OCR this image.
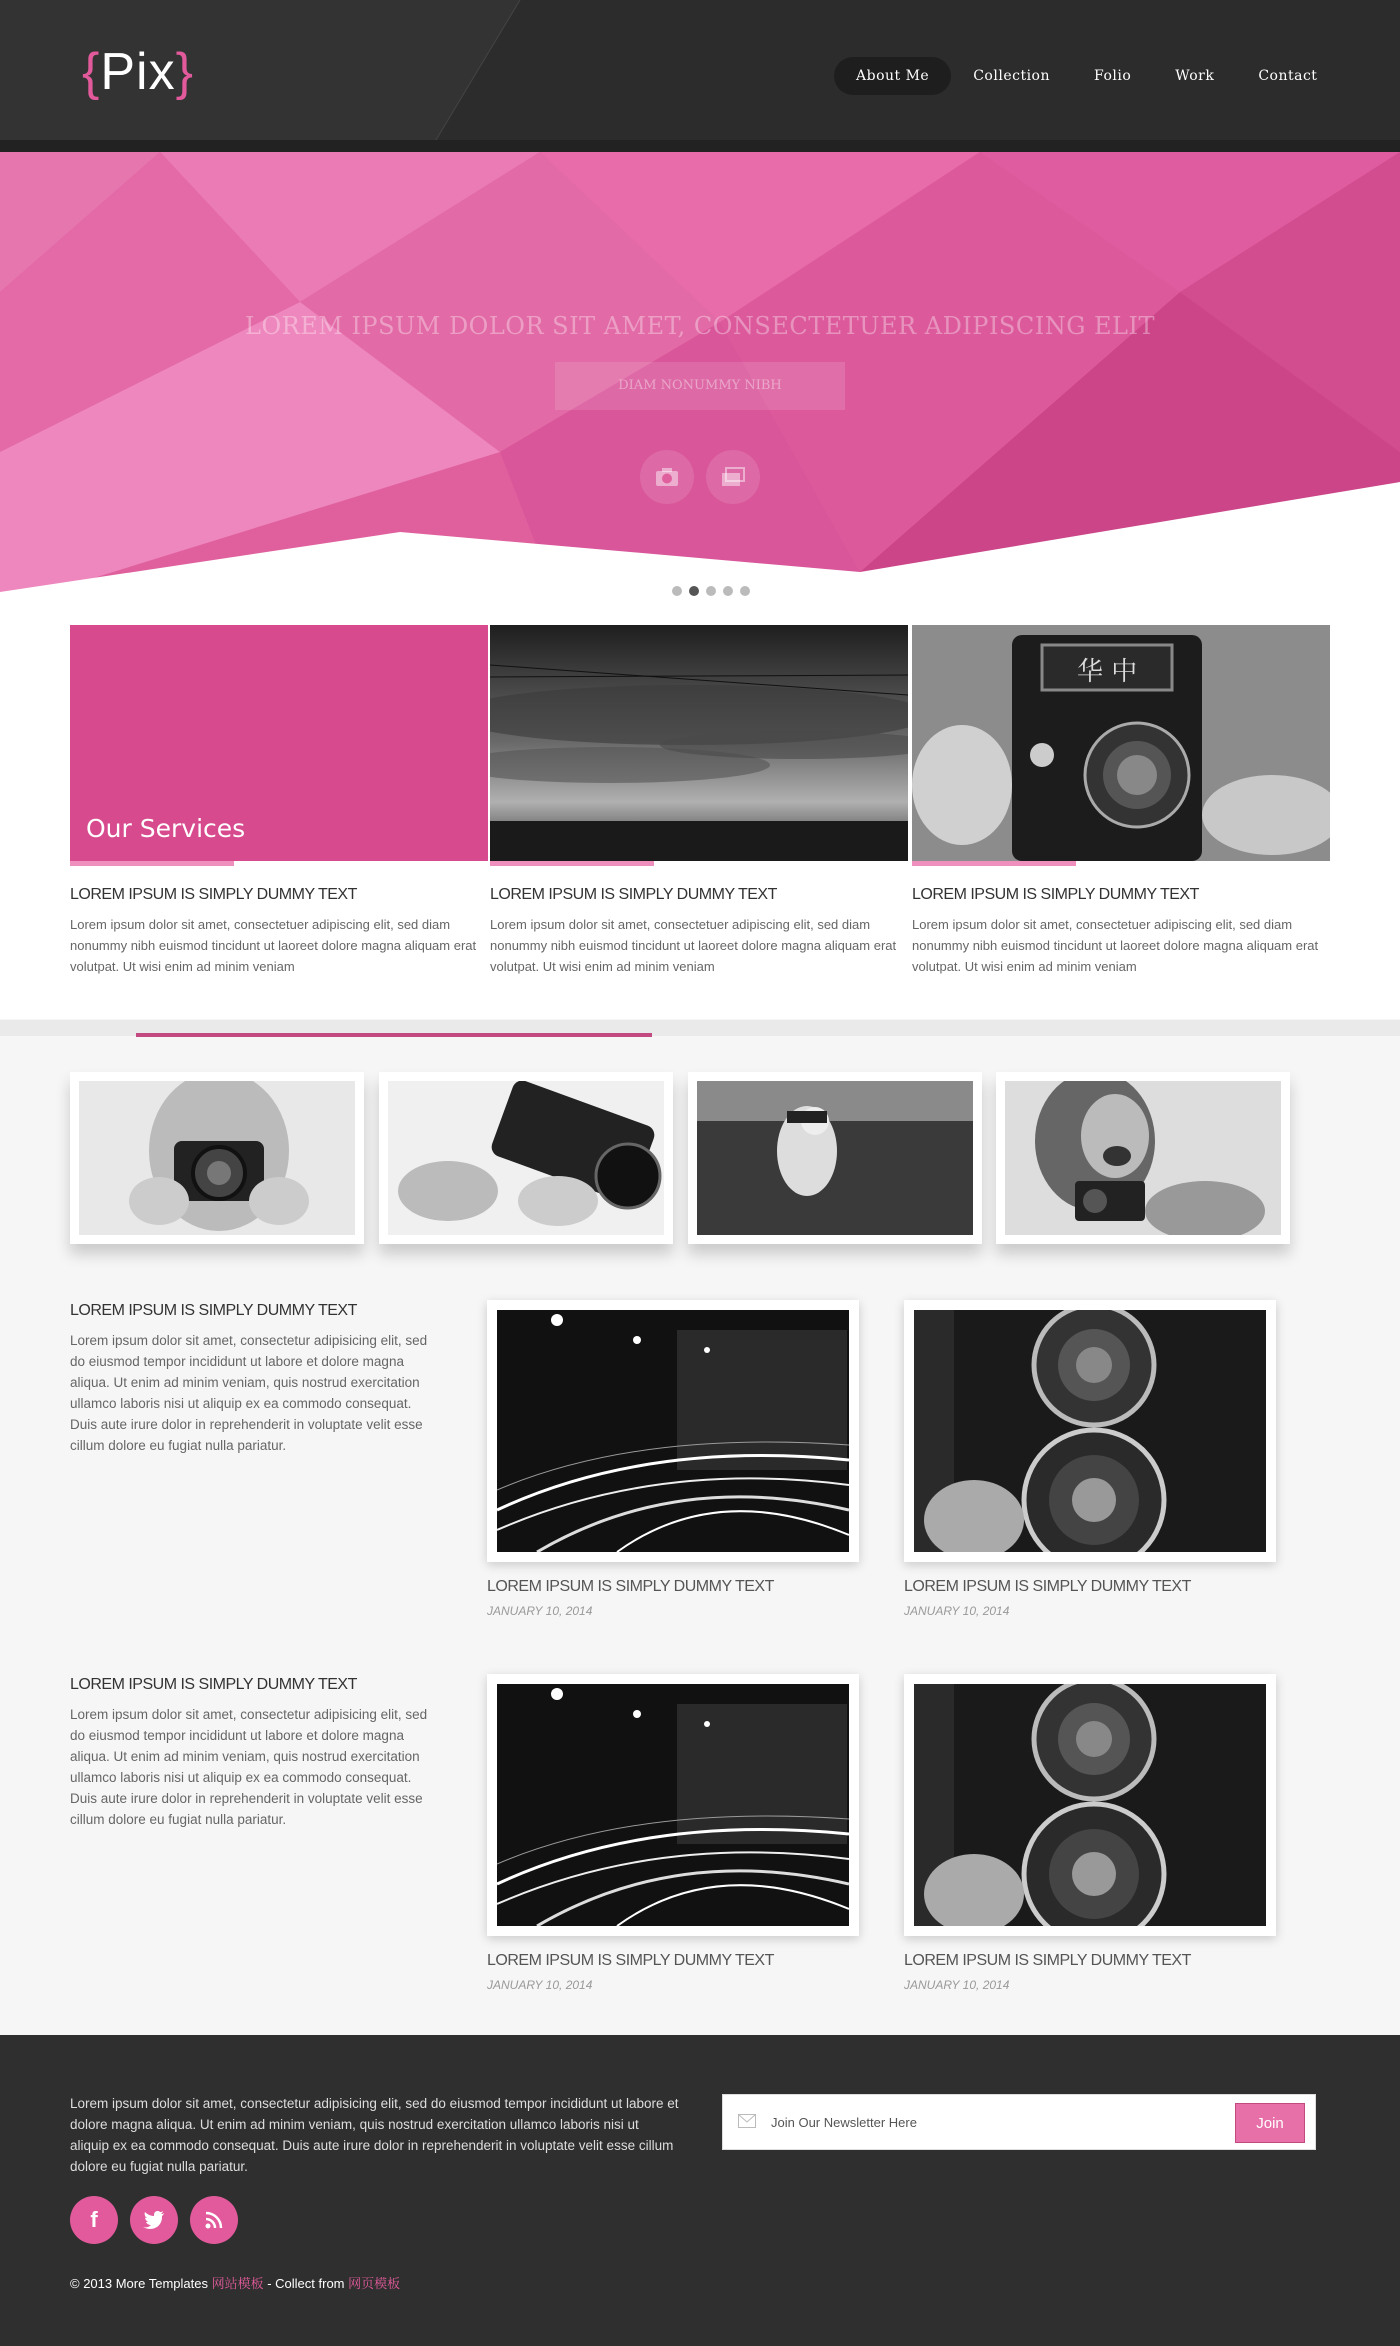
{Pix}	About Me	Collection	Folio	Work	Contact
LOREM IPSUM DOLOR SIT AMET, CONSECTETUER ADIPISCING ELIT
DIAM NONUMMY NIBH
Our Services
LOREM IPSUM IS SIMPLY DUMMY TEXT
Lorem ipsum dolor sit amet, consectetuer adipiscing elit, sed diam nonummy nibh euismod tincidunt ut laoreet dolore magna aliquam erat volutpat. Ut wisi enim ad minim veniam
LOREM IPSUM IS SIMPLY DUMMY TEXT
Lorem ipsum dolor sit amet, consectetuer adipiscing elit, sed diam nonummy nibh euismod tincidunt ut laoreet dolore magna aliquam erat volutpat. Ut wisi enim ad minim veniam
华 中
LOREM IPSUM IS SIMPLY DUMMY TEXT
Lorem ipsum dolor sit amet, consectetuer adipiscing elit, sed diam nonummy nibh euismod tincidunt ut laoreet dolore magna aliquam erat volutpat. Ut wisi enim ad minim veniam
LOREM IPSUM IS SIMPLY DUMMY TEXT
Lorem ipsum dolor sit amet, consectetur adipisicing elit, sed do eiusmod tempor incididunt ut labore et dolore magna aliqua. Ut enim ad minim veniam, quis nostrud exercitation ullamco laboris nisi ut aliquip ex ea commodo consequat. Duis aute irure dolor in reprehenderit in voluptate velit esse cillum dolore eu fugiat nulla pariatur.
LOREM IPSUM IS SIMPLY DUMMY TEXT
JANUARY 10, 2014
LOREM IPSUM IS SIMPLY DUMMY TEXT
JANUARY 10, 2014
LOREM IPSUM IS SIMPLY DUMMY TEXT
Lorem ipsum dolor sit amet, consectetur adipisicing elit, sed do eiusmod tempor incididunt ut labore et dolore magna aliqua. Ut enim ad minim veniam, quis nostrud exercitation ullamco laboris nisi ut aliquip ex ea commodo consequat. Duis aute irure dolor in reprehenderit in voluptate velit esse cillum dolore eu fugiat nulla pariatur.
LOREM IPSUM IS SIMPLY DUMMY TEXT
JANUARY 10, 2014
LOREM IPSUM IS SIMPLY DUMMY TEXT
JANUARY 10, 2014
Lorem ipsum dolor sit amet, consectetur adipisicing elit, sed do eiusmod tempor incididunt ut labore et dolore magna aliqua. Ut enim ad minim veniam, quis nostrud exercitation ullamco laboris nisi ut aliquip ex ea commodo consequat. Duis aute irure dolor in reprehenderit in voluptate velit esse cillum dolore eu fugiat nulla pariatur.
Join Our Newsletter Here
Join
f
© 2013 More Templates 网站模板 - Collect from 网页模板
